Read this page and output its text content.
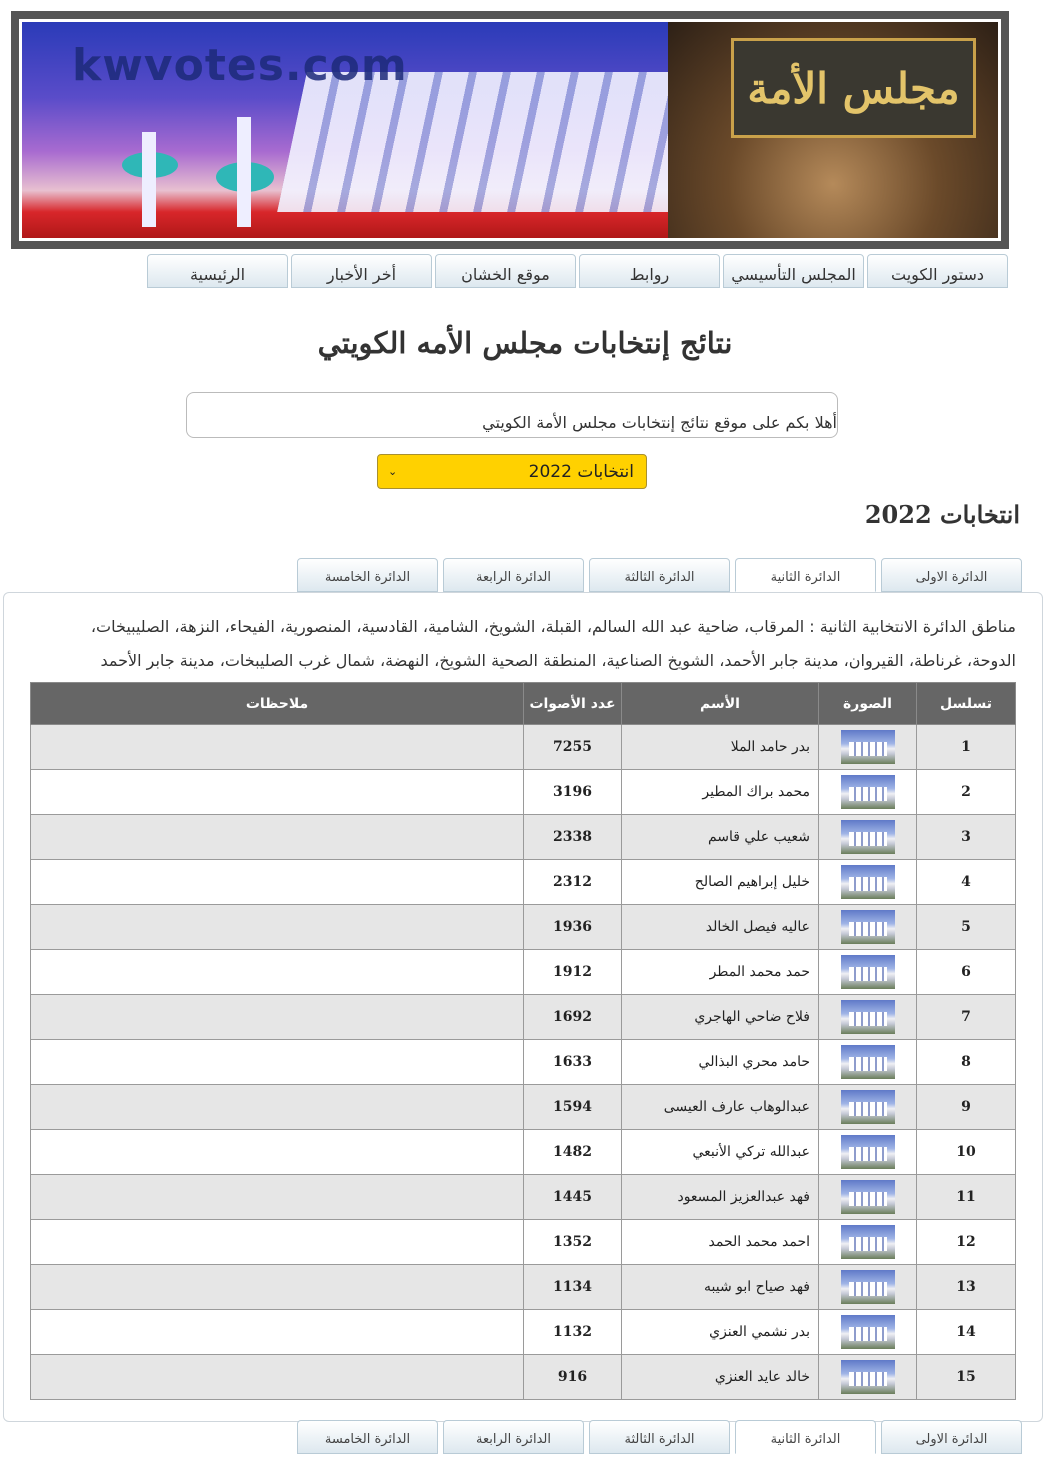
مجلس الأمة
kwvotes.com
دستور الكويت
المجلس التأسيسي
روابط
موقع الخشان
أخر الأخبار
الرئيسية
نتائج إنتخابات مجلس الأمه الكويتي
أهلا بكم على موقع نتائج إنتخابات مجلس الأمة الكويتي
انتخابات 2022
⌄
انتخابات 2022
الدائرة الاولى
الدائرة الثانية
الدائرة الثالثة
الدائرة الرابعة
الدائرة الخامسة

مناطق الدائرة الانتخابية الثانية : المرقاب، ضاحية عبد الله السالم، القبلة، الشويخ، الشامية، القادسية، المنصورية، الفيحاء، النزهة، الصليبيخات، الدوحة، غرناطة، القيروان، مدينة جابر الأحمد، الشويخ الصناعية، المنطقة الصحية الشويخ، النهضة، شمال غرب الصليبخات، مدينة جابر الأحمد

تسلسل	الصورة	الأسم	عدد الأصوات	ملاحظات
1		بدر حامد الملا	7255	
2		محمد براك المطير	3196	
3		شعيب علي قاسم	2338	
4		خليل إبراهيم الصالح	2312	
5		عاليه فيصل الخالد	1936	
6		حمد محمد المطر	1912	
7		فلاح ضاحي الهاجري	1692	
8		حامد محري البذالي	1633	
9		عبدالوهاب عارف العيسى	1594	
10		عبدالله تركي الأنبعي	1482	
11		فهد عبدالعزيز المسعود	1445	
12		احمد محمد الحمد	1352	
13		فهد صياح ابو شيبه	1134	
14		بدر نشمي العنزي	1132	
15		خالد عايد العنزي	916	
الدائرة الاولى
الدائرة الثانية
الدائرة الثالثة
الدائرة الرابعة
الدائرة الخامسة
